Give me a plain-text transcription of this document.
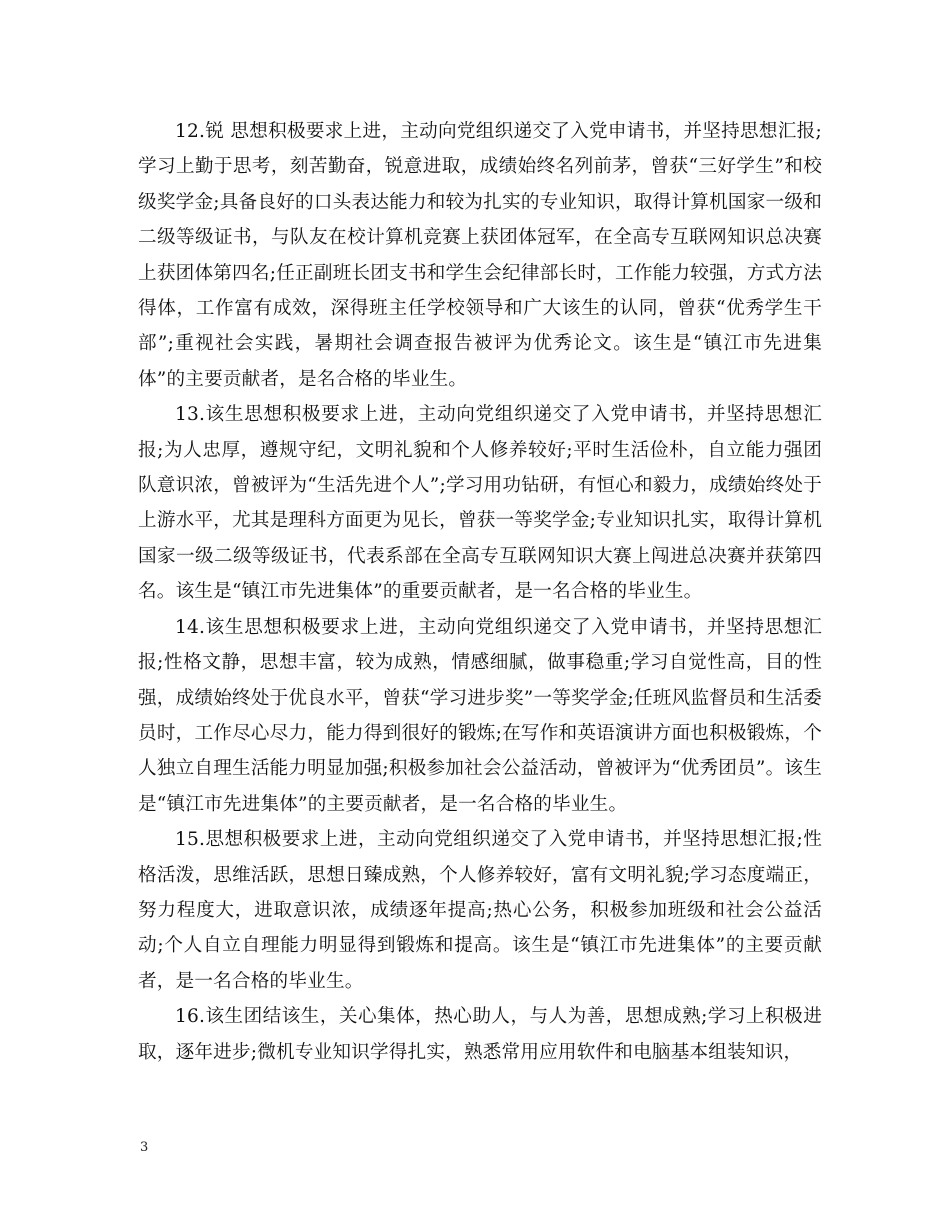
12.锐 思想积极要求上进，主动向党组织递交了入党申请书，并坚持思想汇报;学习上勤于思考，刻苦勤奋，锐意进取，成绩始终名列前茅，曾获“三好学生”和校级奖学金;具备良好的口头表达能力和较为扎实的专业知识，取得计算机国家一级和二级等级证书，与队友在校计算机竞赛上获团体冠军，在全高专互联网知识总决赛上获团体第四名;任正副班长团支书和学生会纪律部长时，工作能力较强，方式方法得体，工作富有成效，深得班主任学校领导和广大该生的认同，曾获“优秀学生干部”;重视社会实践，暑期社会调查报告被评为优秀论文。该生是“镇江市先进集体”的主要贡献者，是名合格的毕业生。

13.该生思想积极要求上进，主动向党组织递交了入党申请书，并坚持思想汇报;为人忠厚，遵规守纪，文明礼貌和个人修养较好;平时生活俭朴，自立能力强团队意识浓，曾被评为“生活先进个人”;学习用功钻研，有恒心和毅力，成绩始终处于上游水平，尤其是理科方面更为见长，曾获一等奖学金;专业知识扎实，取得计算机国家一级二级等级证书，代表系部在全高专互联网知识大赛上闯进总决赛并获第四名。该生是“镇江市先进集体”的重要贡献者，是一名合格的毕业生。

14.该生思想积极要求上进，主动向党组织递交了入党申请书，并坚持思想汇报;性格文静，思想丰富，较为成熟，情感细腻，做事稳重;学习自觉性高，目的性强，成绩始终处于优良水平，曾获“学习进步奖”一等奖学金;任班风监督员和生活委员时，工作尽心尽力，能力得到很好的锻炼;在写作和英语演讲方面也积极锻炼，个人独立自理生活能力明显加强;积极参加社会公益活动，曾被评为“优秀团员”。该生是“镇江市先进集体”的主要贡献者，是一名合格的毕业生。

15.思想积极要求上进，主动向党组织递交了入党申请书，并坚持思想汇报;性格活泼，思维活跃，思想日臻成熟，个人修养较好，富有文明礼貌;学习态度端正，努力程度大，进取意识浓，成绩逐年提高;热心公务，积极参加班级和社会公益活动;个人自立自理能力明显得到锻炼和提高。该生是“镇江市先进集体”的主要贡献者，是一名合格的毕业生。

16.该生团结该生，关心集体，热心助人，与人为善，思想成熟;学习上积极进取，逐年进步;微机专业知识学得扎实，熟悉常用应用软件和电脑基本组装知识，

3
